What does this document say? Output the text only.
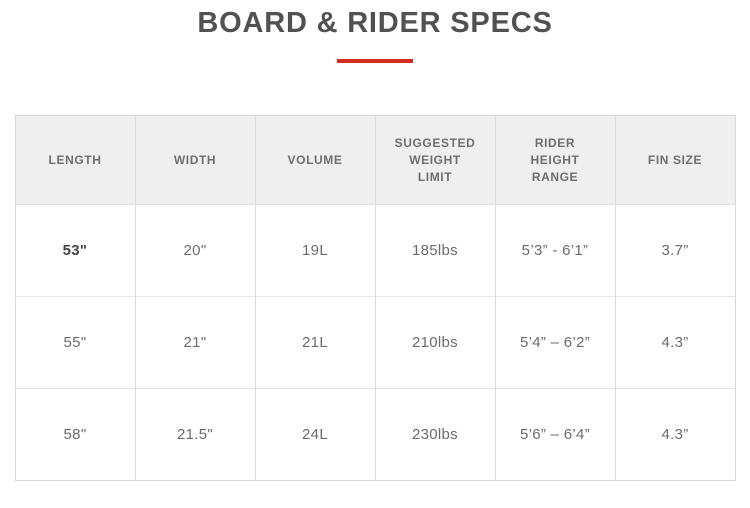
BOARD & RIDER SPECS
LENGTH	WIDTH	VOLUME	SUGGESTED WEIGHT LIMIT	RIDER HEIGHT RANGE	FIN SIZE
53"	20"	19L	185lbs	5’3” - 6’1”	3.7”
55"	21"	21L	210lbs	5’4” – 6’2”	4.3”
58"	21.5"	24L	230lbs	5’6” – 6’4”	4.3”
